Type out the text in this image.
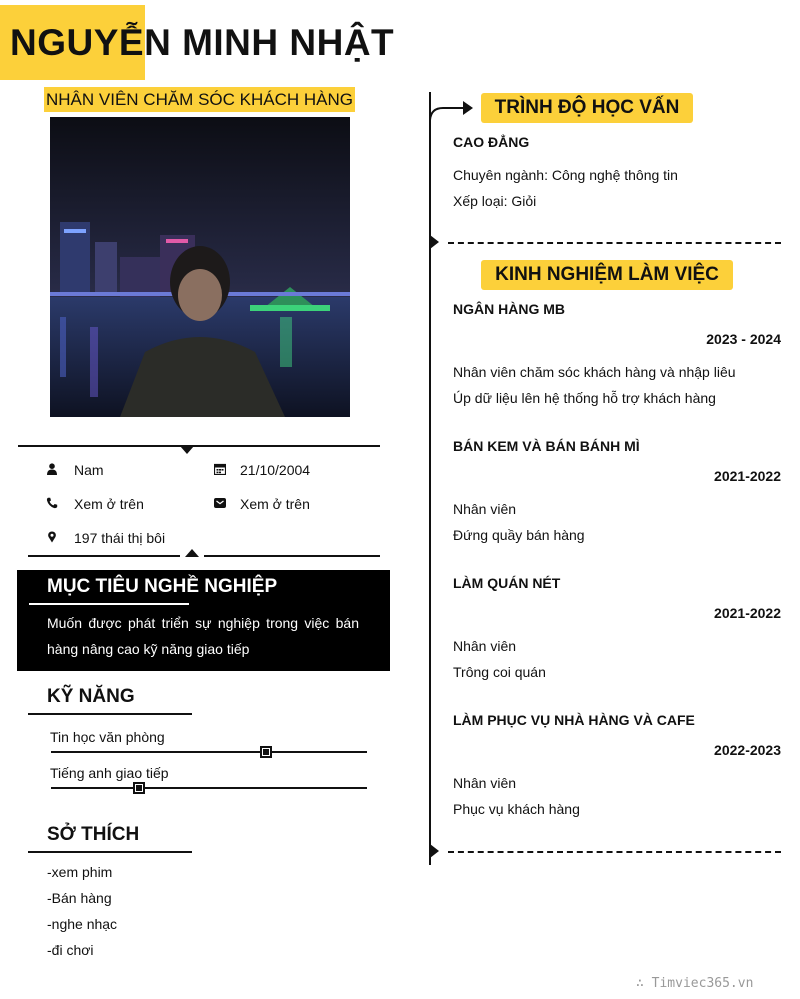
NGUYỄN MINH NHẬT
NHÂN VIÊN CHĂM SÓC KHÁCH HÀNG
Nam	21/10/2004
Xem ở trên	Xem ở trên
197 thái thị bôi
MỤC TIÊU NGHỀ NGHIỆP
Muốn được phát triển sự nghiệp trong việc bán hàng nâng cao kỹ năng giao tiếp
KỸ NĂNG
Tin học văn phòng
Tiếng anh giao tiếp
SỞ THÍCH
-xem phim
-Bán hàng
-nghe nhạc
-đi chơi
TRÌNH ĐỘ HỌC VẤN
CAO ĐẲNG
Chuyên ngành: Công nghệ thông tin
Xếp loại: Giỏi
KINH NGHIỆM LÀM VIỆC
NGÂN HÀNG MB
2023 - 2024
Nhân viên chăm sóc khách hàng và nhập liêu
Úp dữ liệu lên hệ thống hỗ trợ khách hàng
BÁN KEM VÀ BÁN BÁNH MÌ
2021-2022
Nhân viên
Đứng quầy bán hàng
LÀM QUÁN NÉT
2021-2022
Nhân viên
Trông coi quán
LÀM PHỤC VỤ NHÀ HÀNG VÀ CAFE
2022-2023
Nhân viên
Phục vụ khách hàng
∴ Timviec365.vn
